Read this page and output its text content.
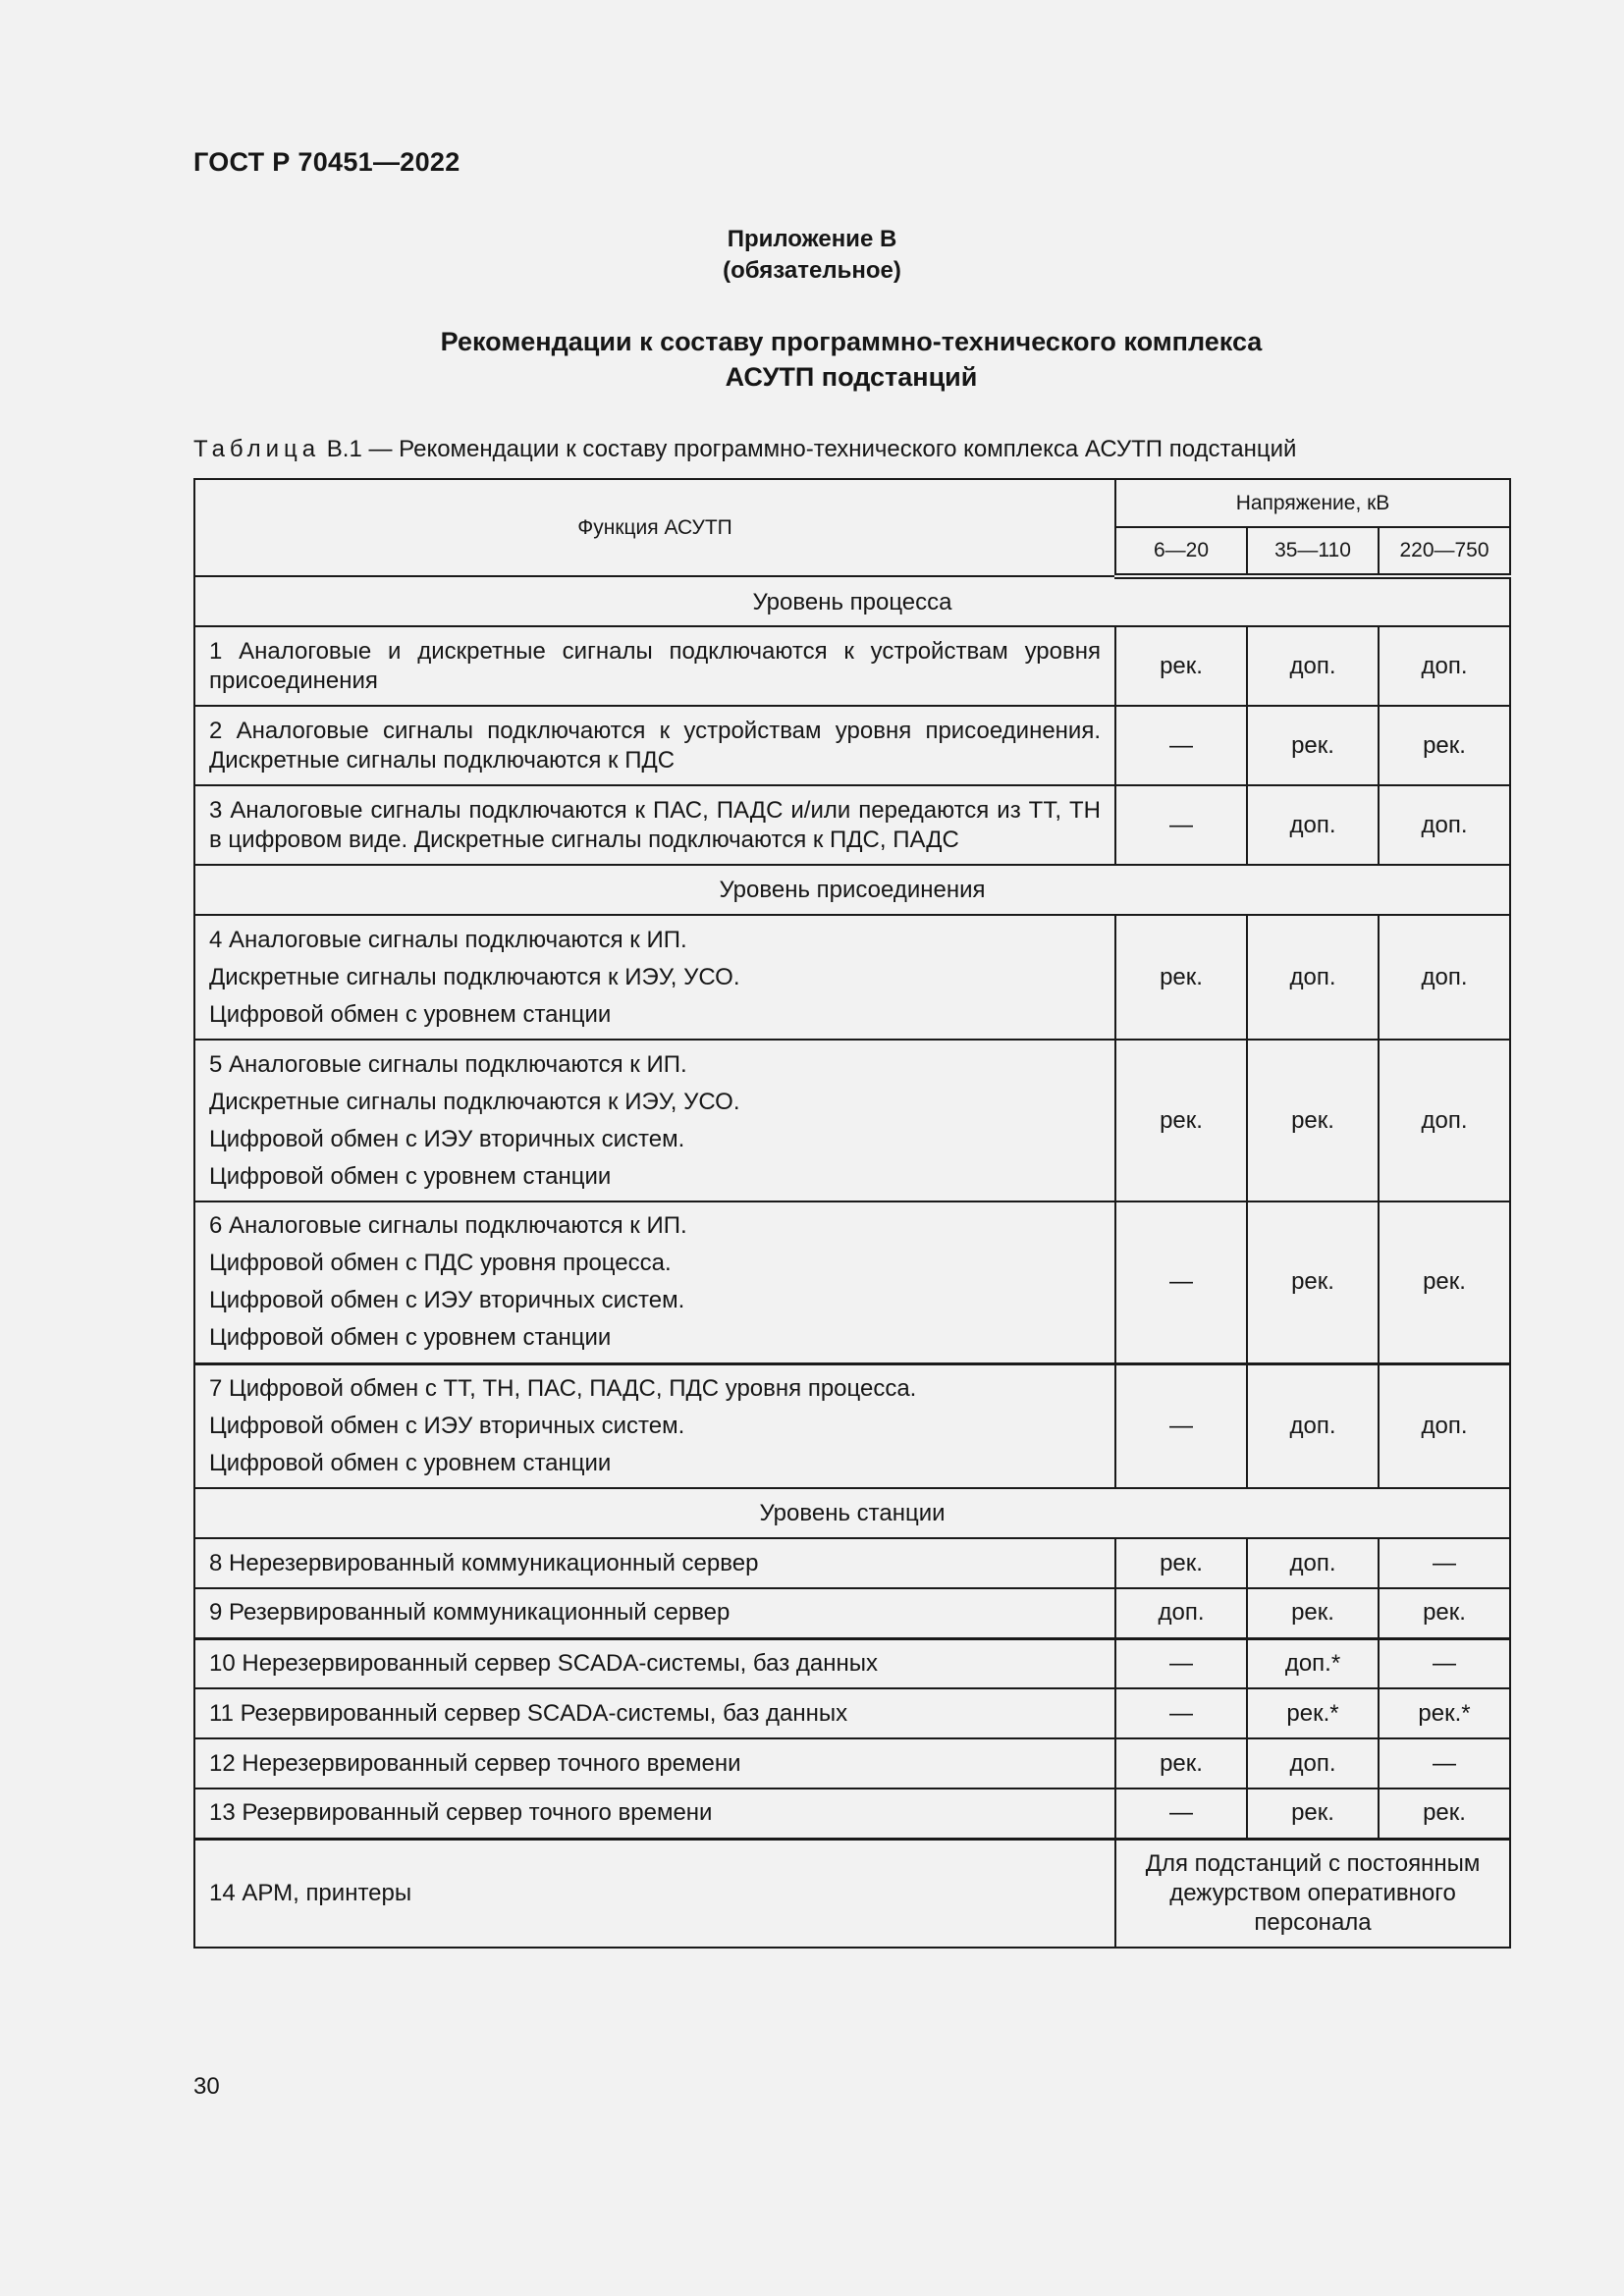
ГОСТ Р 70451—2022
Приложение В
(обязательное)
Рекомендации к составу программно-технического комплекса
АСУТП подстанций
Таблица В.1 — Рекомендации к составу программно-технического комплекса АСУТП подстанций
Функция АСУТП	Напряжение, кВ		
	6—20	35—110	220—750
Уровень процесса			

1 Аналоговые и дискретные сигналы подключаются к устройствам уровня присоединения	рек.	доп.	доп.

2 Аналоговые сигналы подключаются к устройствам уровня присоединения. Дискретные сигналы подключаются к ПДС	—	рек.	рек.

3 Аналоговые сигналы подключаются к ПАС, ПАДС и/или передаются из ТТ, ТН в цифровом виде. Дискретные сигналы подключаются к ПДС, ПАДС	—	доп.	доп.
Уровень присоединения			

4 Аналоговые сигналы подключаются к ИП.
Дискретные сигналы подключаются к ИЭУ, УСО.
Цифровой обмен с уровнем станции	рек.	доп.	доп.

5 Аналоговые сигналы подключаются к ИП.
Дискретные сигналы подключаются к ИЭУ, УСО.
Цифровой обмен с ИЭУ вторичных систем.
Цифровой обмен с уровнем станции	рек.	рек.	доп.

6 Аналоговые сигналы подключаются к ИП.
Цифровой обмен с ПДС уровня процесса.
Цифровой обмен с ИЭУ вторичных систем.
Цифровой обмен с уровнем станции	—	рек.	рек.

7 Цифровой обмен с ТТ, ТН, ПАС, ПАДС, ПДС уровня процесса.
Цифровой обмен с ИЭУ вторичных систем.
Цифровой обмен с уровнем станции	—	доп.	доп.
Уровень станции			
8 Нерезервированный коммуникационный сервер	рек.	доп.	—
9 Резервированный коммуникационный сервер	доп.	рек.	рек.
10 Нерезервированный сервер SCADA-системы, баз данных	—	доп.*	—
11 Резервированный сервер SCADA-системы, баз данных	—	рек.*	рек.*
12 Нерезервированный сервер точного времени	рек.	доп.	—
13 Резервированный сервер точного времени	—	рек.	рек.
14 АРМ, принтеры	Для подстанций с постоянным дежурством оперативного персонала		
30
